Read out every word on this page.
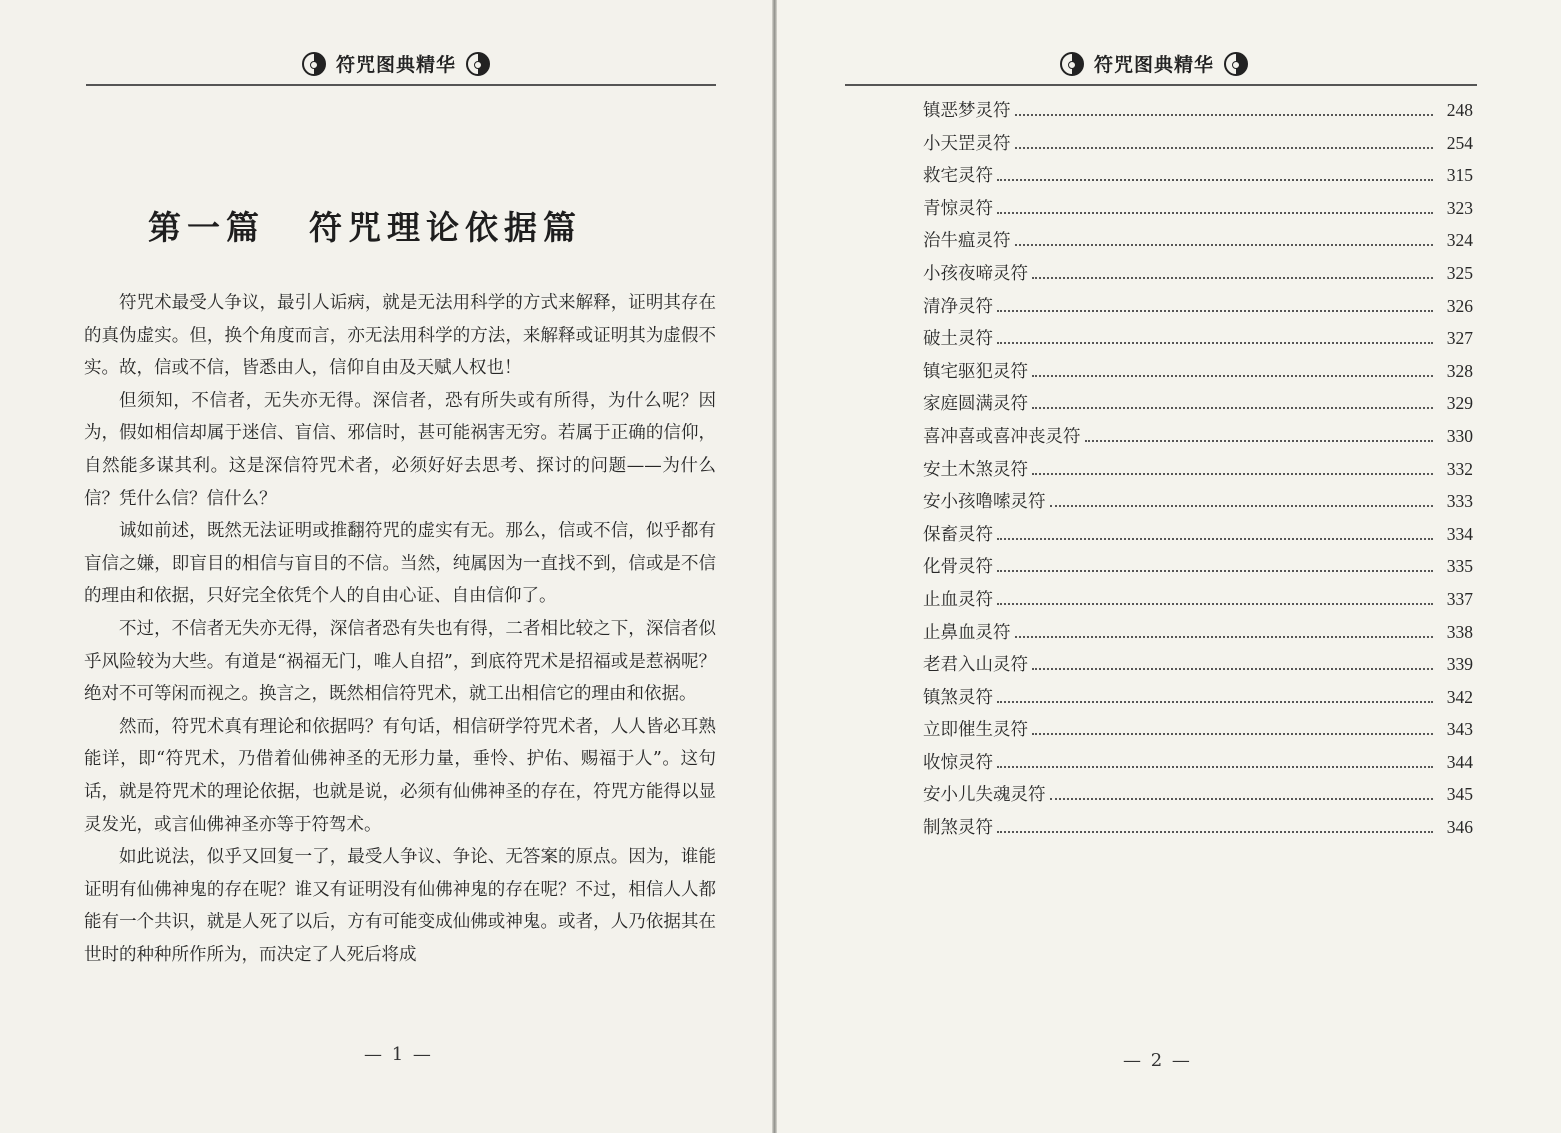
符咒图典精华
第一篇 符咒理论依据篇

符咒术最受人争议，最引人诟病，就是无法用科学的方式来解释，证明其存在的真伪虚实。但，换个角度而言，亦无法用科学的方法，来解释或证明其为虚假不实。故，信或不信，皆悉由人，信仰自由及天赋人权也！

但须知，不信者，无失亦无得。深信者，恐有所失或有所得，为什么呢？因为，假如相信却属于迷信、盲信、邪信时，甚可能祸害无穷。若属于正确的信仰，自然能多谋其利。这是深信符咒术者，必须好好去思考、探讨的问题——为什么信？凭什么信？信什么？

诚如前述，既然无法证明或推翻符咒的虚实有无。那么，信或不信，似乎都有盲信之嫌，即盲目的相信与盲目的不信。当然，纯属因为一直找不到，信或是不信的理由和依据，只好完全依凭个人的自由心证、自由信仰了。

不过，不信者无失亦无得，深信者恐有失也有得，二者相比较之下，深信者似乎风险较为大些。有道是“祸福无门，唯人自招”，到底符咒术是招福或是惹祸呢？绝对不可等闲而视之。换言之，既然相信符咒术，就工出相信它的理由和依据。

然而，符咒术真有理论和依据吗？有句话，相信研学符咒术者，人人皆必耳熟能详，即“符咒术，乃借着仙佛神圣的无形力量，垂怜、护佑、赐福于人”。这句话，就是符咒术的理论依据，也就是说，必须有仙佛神圣的存在，符咒方能得以显灵发光，或言仙佛神圣亦等于符驾术。

如此说法，似乎又回复一了，最受人争议、争论、无答案的原点。因为，谁能证明有仙佛神鬼的存在呢？谁又有证明没有仙佛神鬼的存在呢？不过，相信人人都能有一个共识，就是人死了以后，方有可能变成仙佛或神鬼。或者，人乃依据其在世时的种种所作所为，而决定了人死后将成

— 1 —
符咒图典精华
镇恶梦灵符	248
小天罡灵符	254
救宅灵符	315
青惊灵符	323
治牛瘟灵符	324
小孩夜啼灵符	325
清净灵符	326
破土灵符	327
镇宅驱犯灵符	328
家庭圆满灵符	329
喜冲喜或喜冲丧灵符	330
安土木煞灵符	332
安小孩噜嗦灵符	333
保畜灵符	334
化骨灵符	335
止血灵符	337
止鼻血灵符	338
老君入山灵符	339
镇煞灵符	342
立即催生灵符	343
收惊灵符	344
安小儿失魂灵符	345
制煞灵符	346
— 2 —
